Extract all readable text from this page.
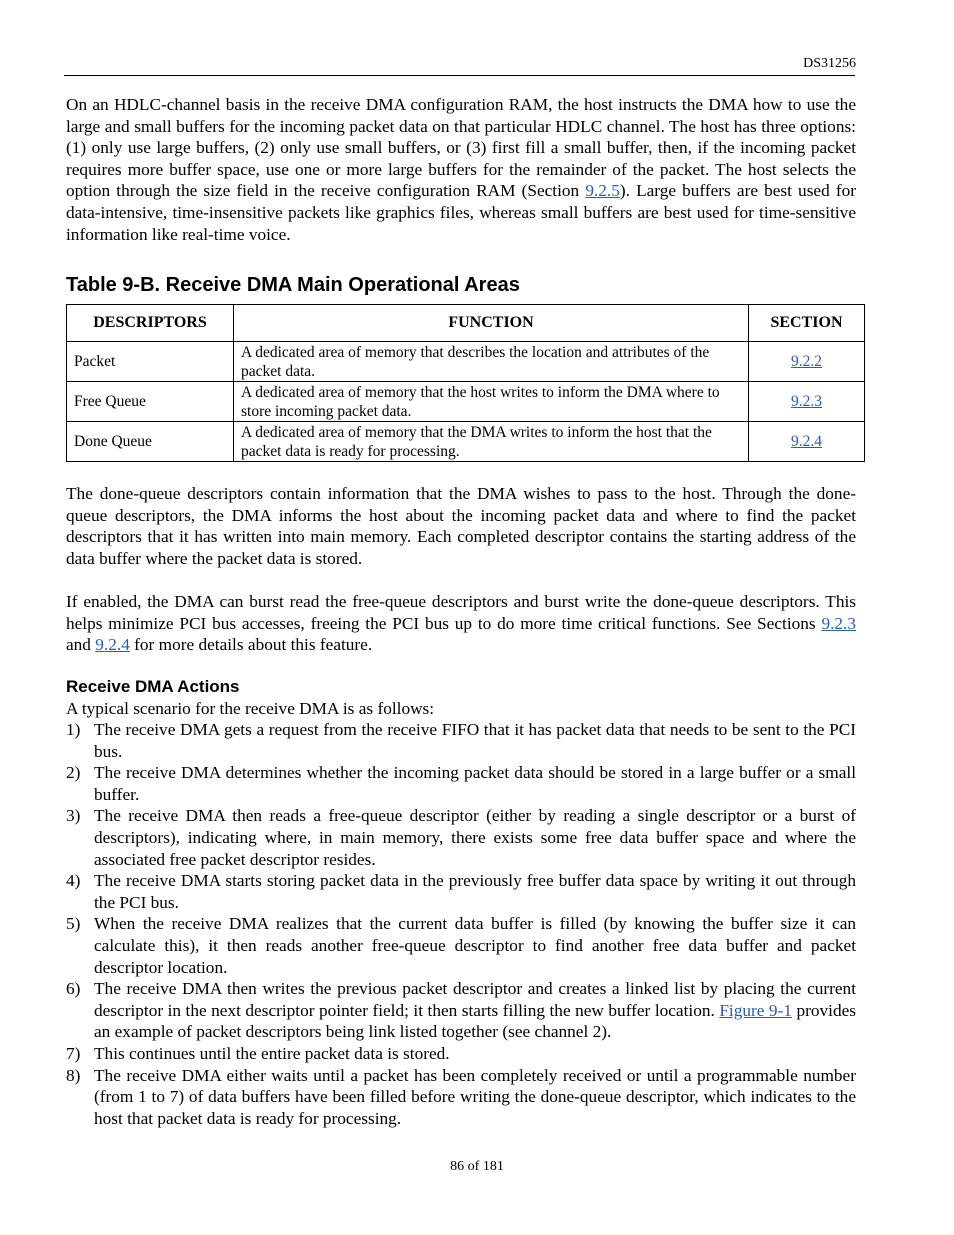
DS31256

On an HDLC-channel basis in the receive DMA configuration RAM, the host instructs the DMA how to use the large and small buffers for the incoming packet data on that particular HDLC channel. The host has three options: (1) only use large buffers, (2) only use small buffers, or (3) first fill a small buffer, then, if the incoming packet requires more buffer space, use one or more large buffers for the remainder of the packet. The host selects the option through the size field in the receive configuration RAM (Section 9.2.5). Large buffers are best used for data-intensive, time-insensitive packets like graphics files, whereas small buffers are best used for time-sensitive information like real-time voice.

Table 9-B. Receive DMA Main Operational Areas
DESCRIPTORS	FUNCTION	SECTION
Packet	A dedicated area of memory that describes the location and attributes of the packet data.	9.2.2
Free Queue	A dedicated area of memory that the host writes to inform the DMA where to store incoming packet data.	9.2.3
Done Queue	A dedicated area of memory that the DMA writes to inform the host that the packet data is ready for processing.	9.2.4

The done-queue descriptors contain information that the DMA wishes to pass to the host. Through the done-queue descriptors, the DMA informs the host about the incoming packet data and where to find the packet descriptors that it has written into main memory. Each completed descriptor contains the starting address of the data buffer where the packet data is stored.

If enabled, the DMA can burst read the free-queue descriptors and burst write the done-queue descriptors. This helps minimize PCI bus accesses, freeing the PCI bus up to do more time critical functions. See Sections 9.2.3 and 9.2.4 for more details about this feature.

Receive DMA Actions

A typical scenario for the receive DMA is as follows:

1) The receive DMA gets a request from the receive FIFO that it has packet data that needs to be sent to the PCI bus.
2) The receive DMA determines whether the incoming packet data should be stored in a large buffer or a small buffer.
3) The receive DMA then reads a free-queue descriptor (either by reading a single descriptor or a burst of descriptors), indicating where, in main memory, there exists some free data buffer space and where the associated free packet descriptor resides.
4) The receive DMA starts storing packet data in the previously free buffer data space by writing it out through the PCI bus.
5) When the receive DMA realizes that the current data buffer is filled (by knowing the buffer size it can calculate this), it then reads another free-queue descriptor to find another free data buffer and packet descriptor location.
6) The receive DMA then writes the previous packet descriptor and creates a linked list by placing the current descriptor in the next descriptor pointer field; it then starts filling the new buffer location. Figure 9-1 provides an example of packet descriptors being link listed together (see channel 2).
7) This continues until the entire packet data is stored.
8) The receive DMA either waits until a packet has been completely received or until a programmable number (from 1 to 7) of data buffers have been filled before writing the done-queue descriptor, which indicates to the host that packet data is ready for processing.
86 of 181
